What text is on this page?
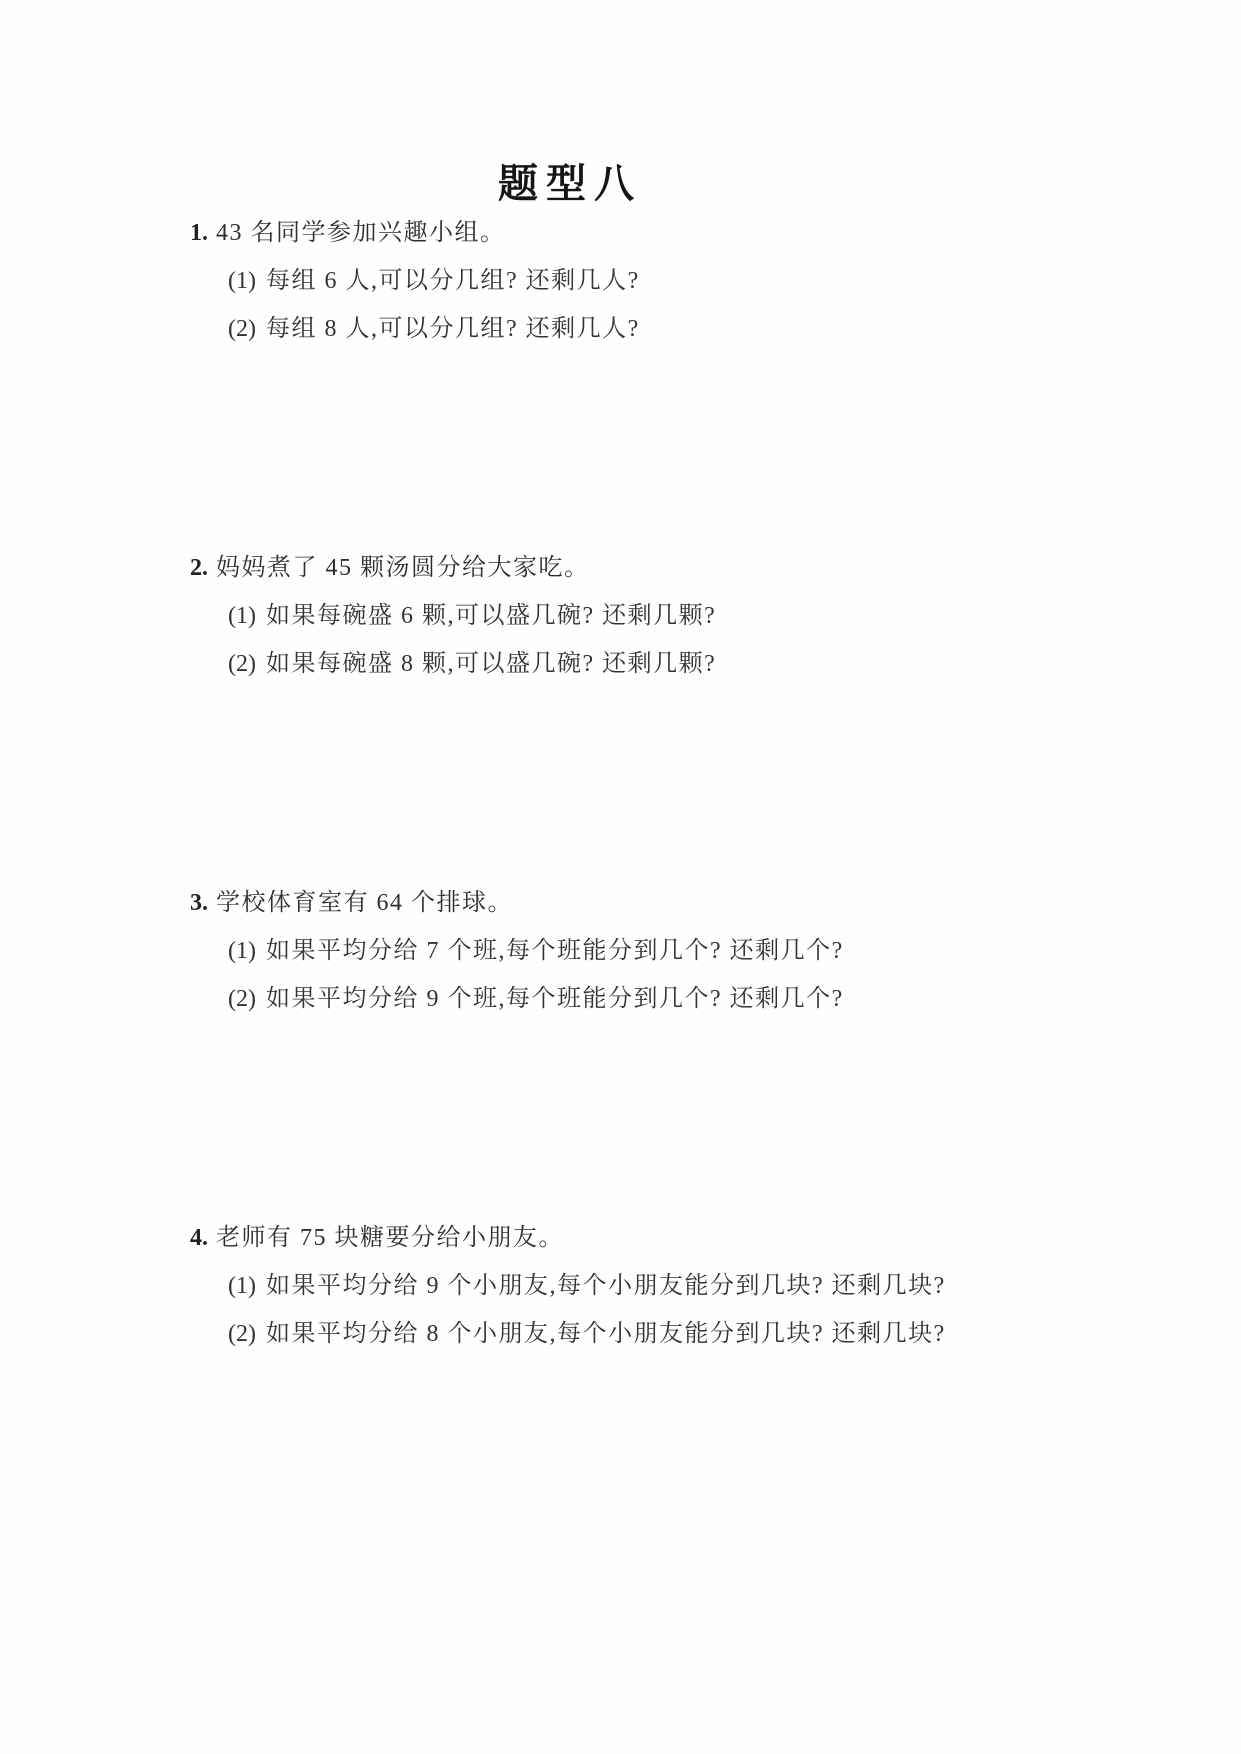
题型八
1. 43 名同学参加兴趣小组。
(1) 每组 6 人,可以分几组? 还剩几人?
(2) 每组 8 人,可以分几组? 还剩几人?
2. 妈妈煮了 45 颗汤圆分给大家吃。
(1) 如果每碗盛 6 颗,可以盛几碗? 还剩几颗?
(2) 如果每碗盛 8 颗,可以盛几碗? 还剩几颗?
3. 学校体育室有 64 个排球。
(1) 如果平均分给 7 个班,每个班能分到几个? 还剩几个?
(2) 如果平均分给 9 个班,每个班能分到几个? 还剩几个?
4. 老师有 75 块糖要分给小朋友。
(1) 如果平均分给 9 个小朋友,每个小朋友能分到几块? 还剩几块?
(2) 如果平均分给 8 个小朋友,每个小朋友能分到几块? 还剩几块?
